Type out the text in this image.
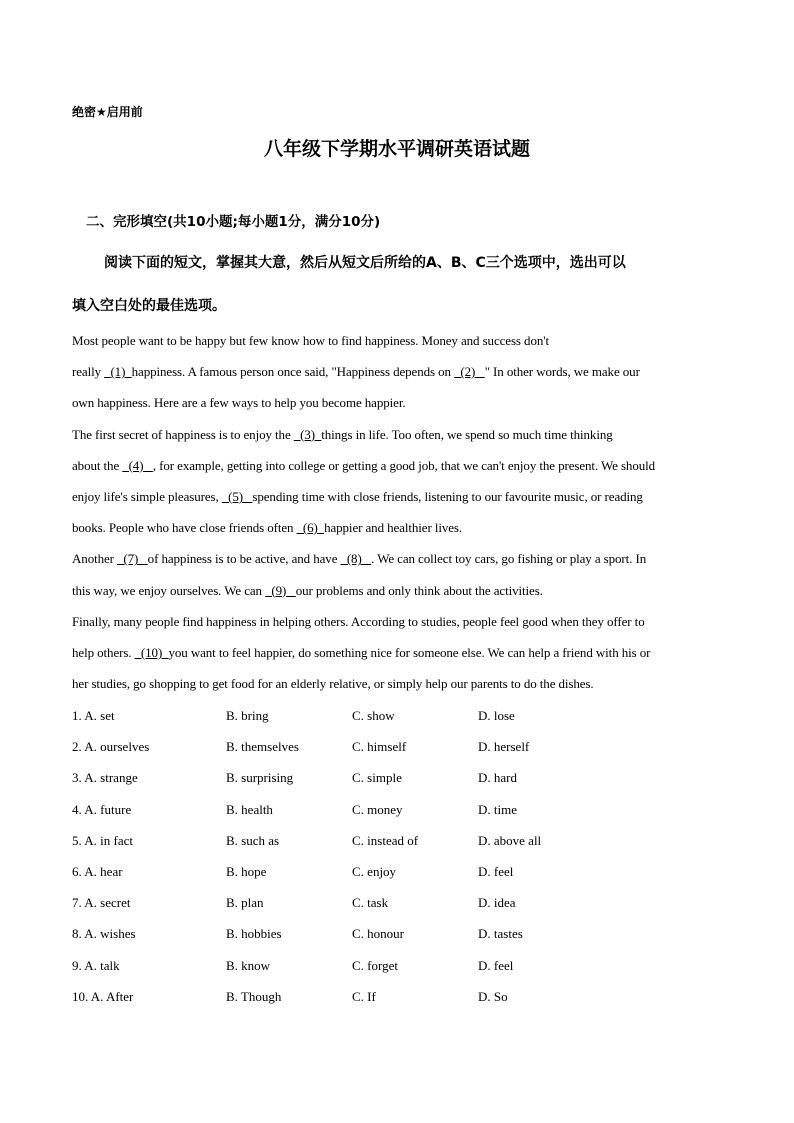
绝密★启用前
八年级下学期水平调研英语试题
二、完形填空(共10小题;每小题1分，满分10分)
阅读下面的短文，掌握其大意，然后从短文后所给的A、B、C三个选项中，选出可以
填入空白处的最佳选项。
Most people want to be happy but few know how to find happiness. Money and success don't
really   (1)  happiness. A famous person once said, "Happiness depends on   (2)   " In other words, we make our
own happiness. Here are a few ways to help you become happier.
The first secret of happiness is to enjoy the   (3)  things in life. Too often, we spend so much time thinking
about the   (4)   , for example, getting into college or getting a good job, that we can't enjoy the present. We should
enjoy life's simple pleasures,   (5)   spending time with close friends, listening to our favourite music, or reading
books. People who have close friends often   (6)  happier and healthier lives.
Another   (7)   of happiness is to be active, and have   (8)   . We can collect toy cars, go fishing or play a sport. In
this way, we enjoy ourselves. We can   (9)   our problems and only think about the activities.
Finally, many people find happiness in helping others. According to studies, people feel good when they offer to
help others.   (10)  you want to feel happier, do something nice for someone else. We can help a friend with his or
her studies, go shopping to get food for an elderly relative, or simply help our parents to do the dishes.
1. A. set	B. bring	C. show	D. lose
2. A. ourselves	B. themselves	C. himself	D. herself
3. A. strange	B. surprising	C. simple	D. hard
4. A. future	B. health	C. money	D. time
5. A. in fact	B. such as	C. instead of	D. above all
6. A. hear	B. hope	C. enjoy	D. feel
7. A. secret	B. plan	C. task	D. idea
8. A. wishes	B. hobbies	C. honour	D. tastes
9. A. talk	B. know	C. forget	D. feel
10. A. After	B. Though	C. If	D. So
